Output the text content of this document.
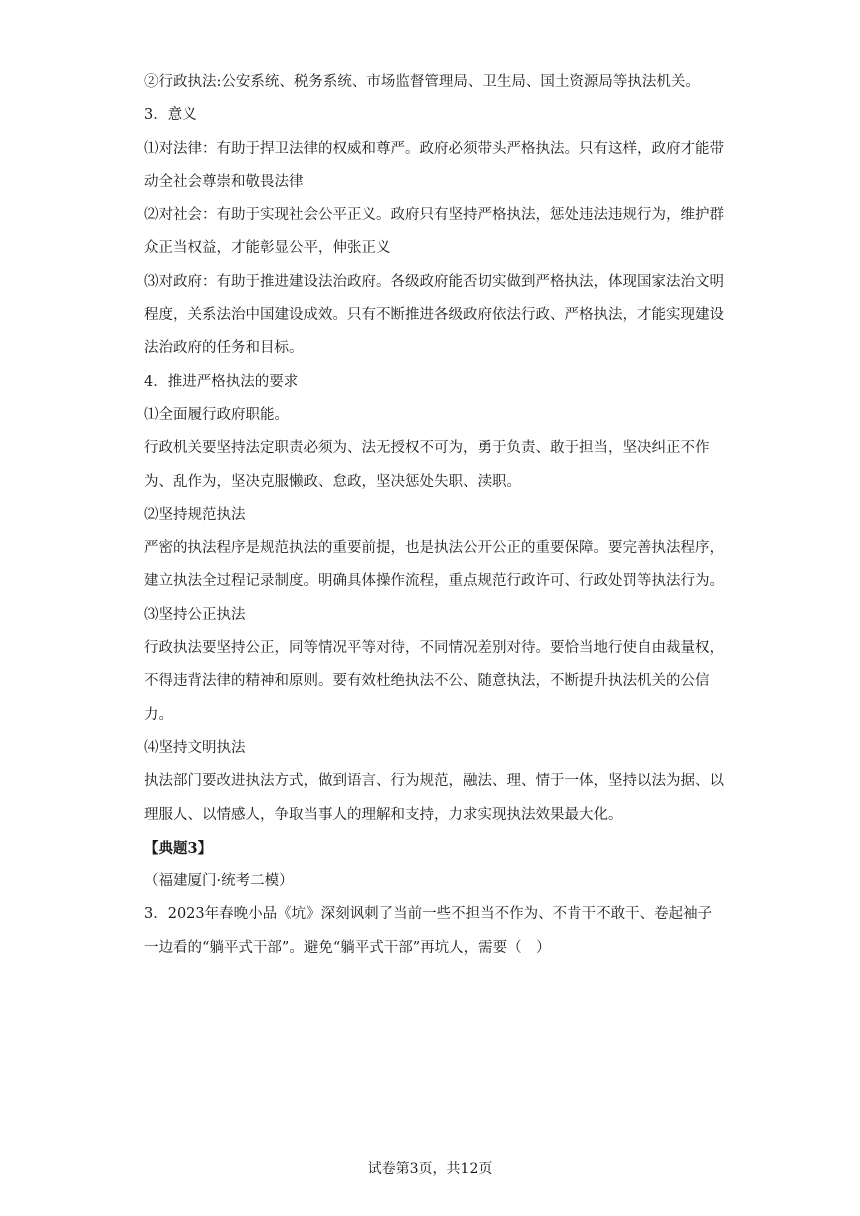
②行政执法:公安系统、税务系统、市场监督管理局、卫生局、国土资源局等执法机关。

3．意义

⑴对法律：有助于捍卫法律的权威和尊严。政府必须带头严格执法。只有这样，政府才能带动全社会尊崇和敬畏法律

⑵对社会：有助于实现社会公平正义。政府只有坚持严格执法，惩处违法违规行为，维护群众正当权益，才能彰显公平，伸张正义

⑶对政府：有助于推进建设法治政府。各级政府能否切实做到严格执法，体现国家法治文明程度，关系法治中国建设成效。只有不断推进各级政府依法行政、严格执法，才能实现建设法治政府的任务和目标。

4．推进严格执法的要求

⑴全面履行政府职能。

行政机关要坚持法定职责必须为、法无授权不可为，勇于负责、敢于担当，坚决纠正不作为、乱作为，坚决克服懒政、怠政，坚决惩处失职、渎职。

⑵坚持规范执法

严密的执法程序是规范执法的重要前提，也是执法公开公正的重要保障。要完善执法程序，建立执法全过程记录制度。明确具体操作流程，重点规范行政许可、行政处罚等执法行为。

⑶坚持公正执法

行政执法要坚持公正，同等情况平等对待，不同情况差别对待。要恰当地行使自由裁量权，不得违背法律的精神和原则。要有效杜绝执法不公、随意执法，不断提升执法机关的公信力。

⑷坚持文明执法

执法部门要改进执法方式，做到语言、行为规范，融法、理、情于一体，坚持以法为据、以理服人、以情感人，争取当事人的理解和支持，力求实现执法效果最大化。

【典题3】

（福建厦门·统考二模）

3．2023年春晚小品《坑》深刻讽刺了当前一些不担当不作为、不肯干不敢干、卷起袖子一边看的“躺平式干部”。避免“躺平式干部”再坑人，需要（　）

试卷第3页，共12页
